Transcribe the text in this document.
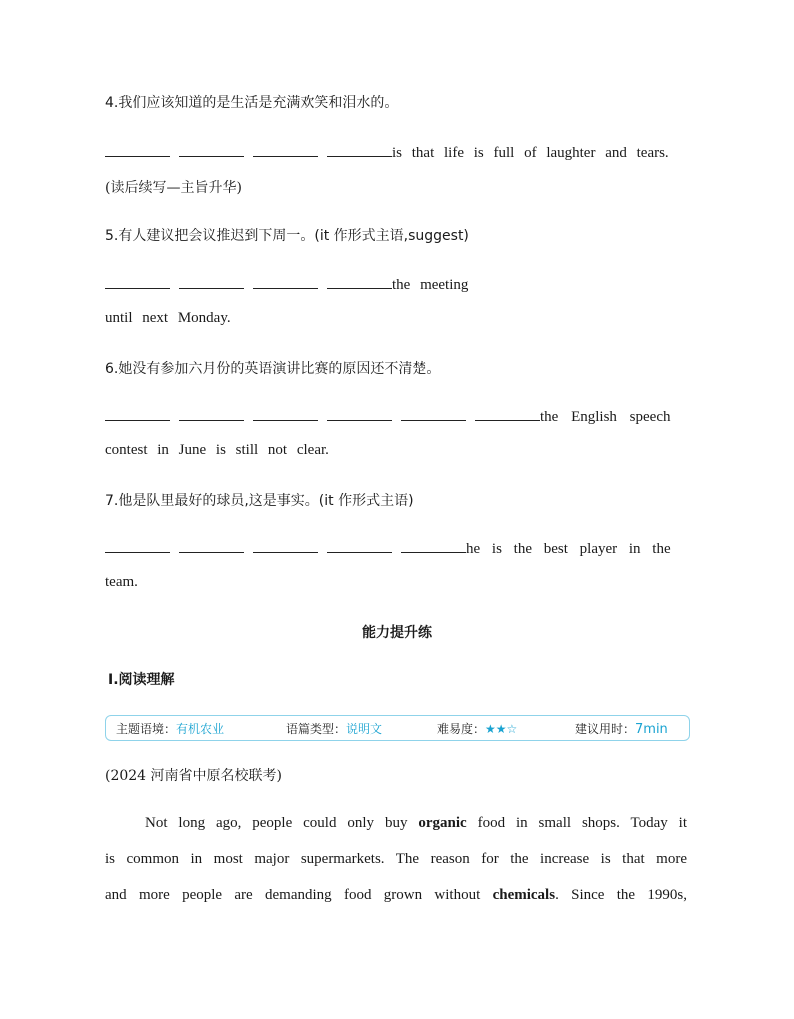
4.我们应该知道的是生活是充满欢笑和泪水的。
is that life is full of laughter and tears.
(读后续写—主旨升华)
5.有人建议把会议推迟到下周一。(it 作形式主语,suggest)
the meeting
until next Monday.
6.她没有参加六月份的英语演讲比赛的原因还不清楚。
the English speech
contest in June is still not clear.
7.他是队里最好的球员,这是事实。(it 作形式主语)
he is the best player in the
team.
能力提升练
Ⅰ.阅读理解
主题语境：有机农业	语篇类型：说明文	难易度：★★☆	建议用时：7min
(2024 河南省中原名校联考)
Not long ago, people could only buy organic food in small shops. Today it
is common in most major supermarkets. The reason for the increase is that more
and more people are demanding food grown without chemicals. Since the 1990s,
